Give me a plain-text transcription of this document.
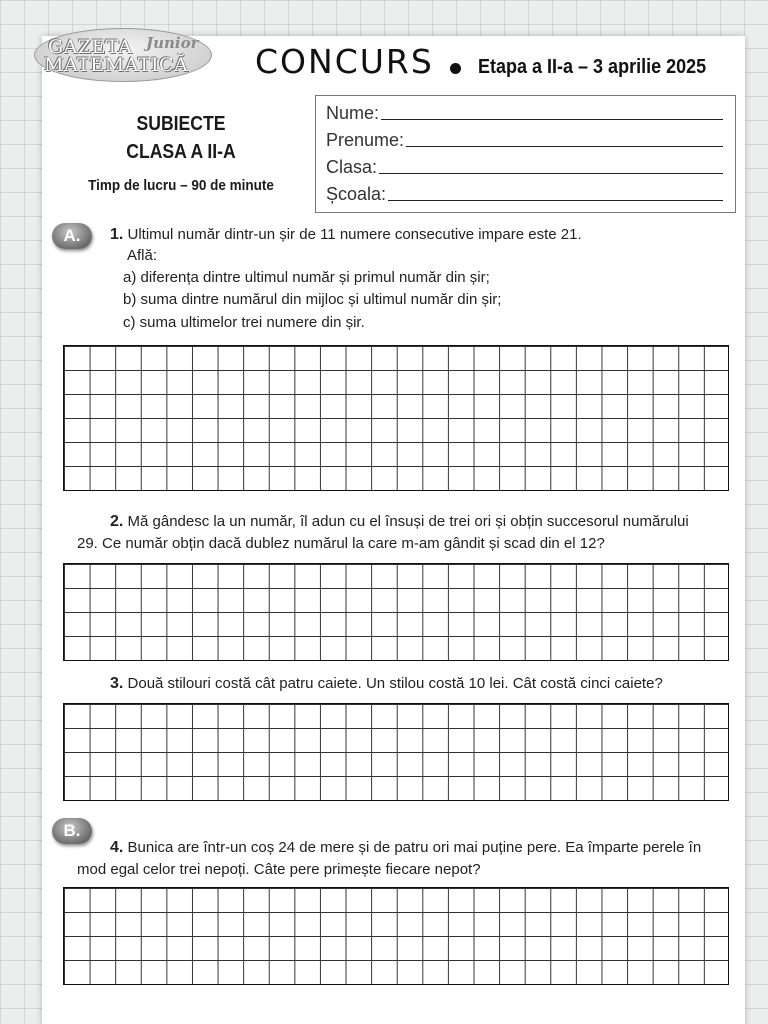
GAZETA Junior
MATEMATICĂ CONCURS Etapa a II-a – 3 aprilie 2025
SUBIECTE
CLASA A II-A
Timp de lucru – 90 de minute
Nume:
Prenume:
Clasa:
Școala:
A.	1. Ultimul număr dintr-un șir de 11 numere consecutive impare este 21.
Află:
a) diferența dintre ultimul număr și primul număr din șir;
b) suma dintre numărul din mijloc și ultimul număr din șir;
c) suma ultimelor trei numere din șir.
2. Mă gândesc la un număr, îl adun cu el însuși de trei ori și obțin succesorul numărului
29. Ce număr obțin dacă dublez numărul la care m-am gândit și scad din el 12?
3. Două stilouri costă cât patru caiete. Un stilou costă 10 lei. Cât costă cinci caiete?
B.
4. Bunica are într-un coș 24 de mere și de patru ori mai puține pere. Ea împarte perele în
mod egal celor trei nepoți. Câte pere primește fiecare nepot?
